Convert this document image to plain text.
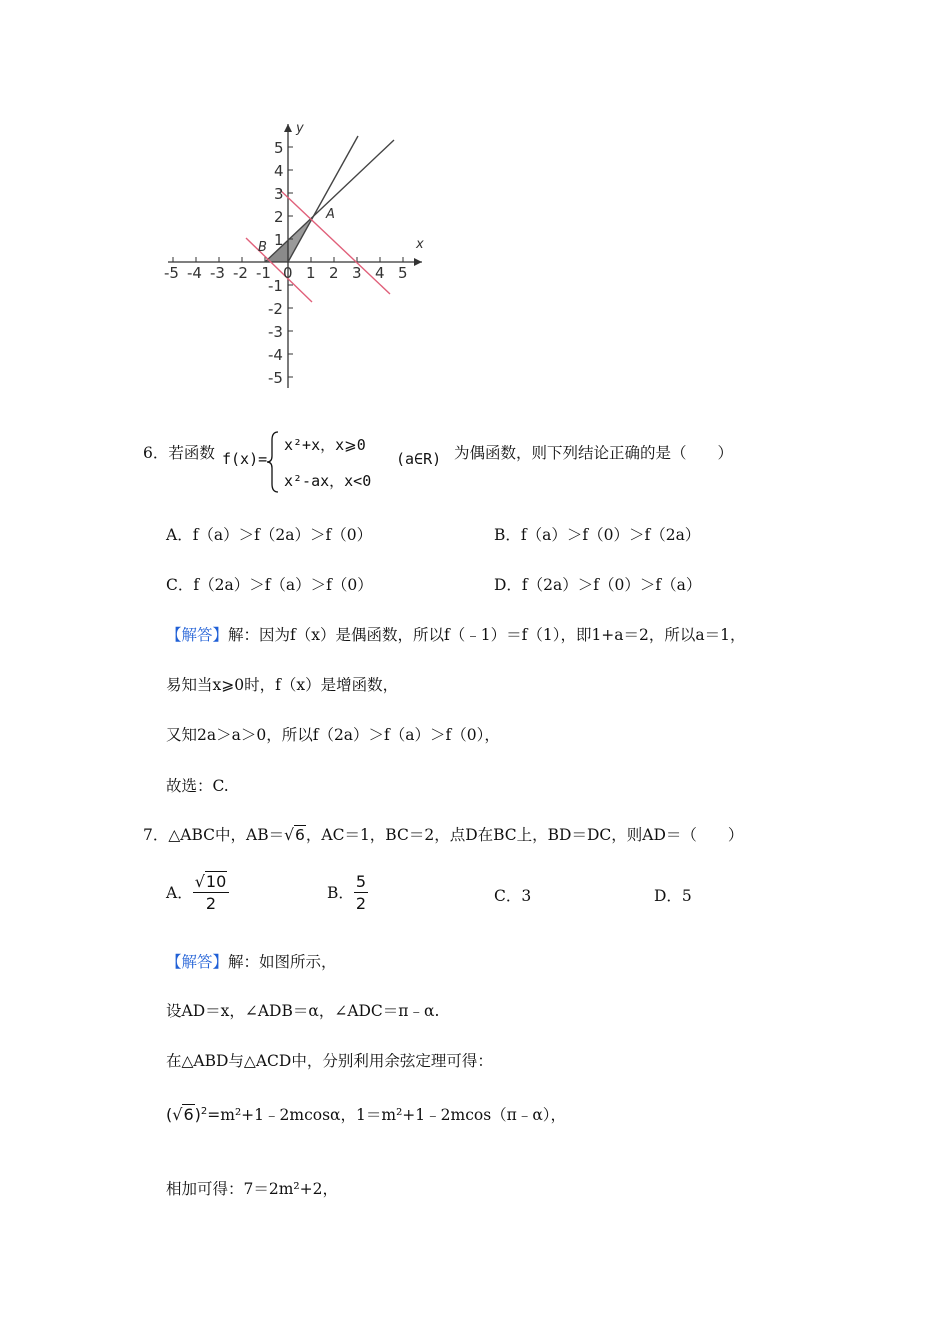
y
x
A
B
-5 -4 -3 -2 -1 0 1 2 3 4 5
5
4
3
2
1
-1
-2
-3
-4
-5
6．若函数 f(x)=
x²+x，x⩾0
x²-ax，x<0
(a∈R) 为偶函数，则下列结论正确的是（　　）
A．f（a）＞f（2a）＞f（0）	B．f（a）＞f（0）＞f（2a）
C．f（2a）＞f（a）＞f（0）	D．f（2a）＞f（0）＞f（a）
【解答】解：因为f（x）是偶函数，所以f（﹣1）＝f（1），即1+a＝2，所以a＝1，
易知当x⩾0时，f（x）是增函数，
又知2a＞a＞0，所以f（2a）＞f（a）＞f（0），
故选：C.
7．△ABC中，AB＝√6，AC＝1，BC＝2，点D在BC上，BD＝DC，则AD＝（　　）
A． $\frac{√10}{2}$	B． $\frac{5}{2}$	C．3	D．5
【解答】解：如图所示，
设AD＝x，∠ADB＝α，∠ADC＝π﹣α.
在△ABD与△ACD中，分别利用余弦定理可得：
$(√6)^2=m^2+1﹣2mcos\alpha$，1＝m²+1﹣2mcos（π﹣α），
相加可得：7＝2m²+2，
